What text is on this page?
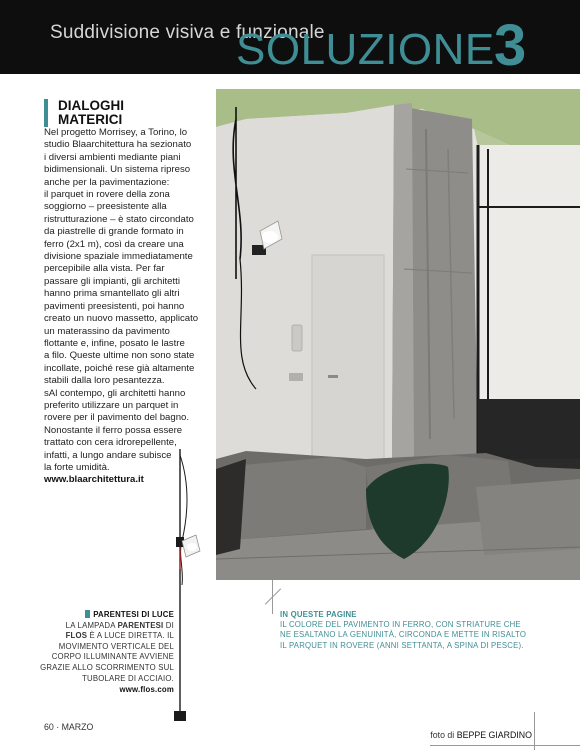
Suddivisione visiva e funzionale
SOLUZIONE 3
DIALOGHI
MATERICI
Nel progetto Morrisey, a Torino, lo
studio Blaarchitettura ha sezionato
i diversi ambienti mediante piani
bidimensionali. Un sistema ripreso
anche per la pavimentazione:
il parquet in rovere della zona
soggiorno – preesistente alla
ristrutturazione – è stato circondato
da piastrelle di grande formato in
ferro (2x1 m), così da creare una
divisione spaziale immediatamente
percepibile alla vista. Per far
passare gli impianti, gli architetti
hanno prima smantellato gli altri
pavimenti preesistenti, poi hanno
creato un nuovo massetto, applicato
un materassino da pavimento
flottante e, infine, posato le lastre
a filo. Queste ultime non sono state
incollate, poiché rese già altamente
stabili dalla loro pesantezza.
sAl contempo, gli architetti hanno
preferito utilizzare un parquet in
rovere per il pavimento del bagno.
Nonostante il ferro possa essere
trattato con cera idrorepellente,
infatti, a lungo andare subisce
la forte umidità.
www.blaarchitettura.it
PARENTESI DI LUCE
LA LAMPADA PARENTESI DI
FLOS È A LUCE DIRETTA. IL
MOVIMENTO VERTICALE DEL
CORPO ILLUMINANTE AVVIENE
GRAZIE ALLO SCORRIMENTO SUL
TUBOLARE DI ACCIAIO.
www.flos.com
IN QUESTE PAGINE
IL COLORE DEL PAVIMENTO IN FERRO, CON STRIATURE CHE
NE ESALTANO LA GENUINITÀ, CIRCONDA E METTE IN RISALTO
IL PARQUET IN ROVERE (ANNI SETTANTA, A SPINA DI PESCE).
60 · MARZO
foto di BEPPE GIARDINO
